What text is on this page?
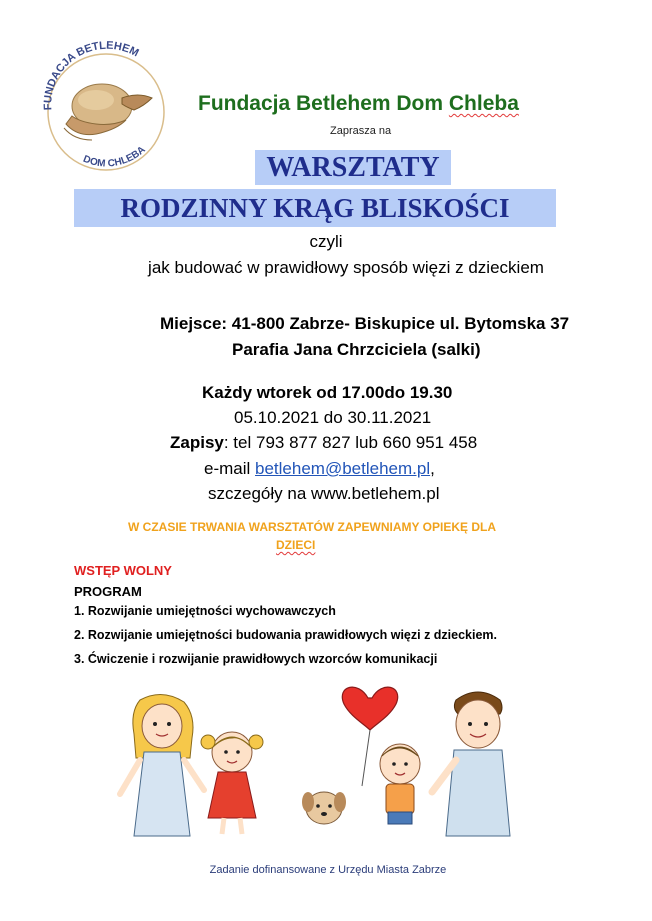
FUNDACJA BETLEHEM
DOM CHLEBA
Fundacja Betlehem Dom Chleba
Zaprasza na
WARSZTATY
RODZINNY KRĄG BLISKOŚCI
czyli
jak budować w prawidłowy sposób więzi z dzieckiem
Miejsce: 41-800 Zabrze- Biskupice ul. Bytomska 37
Parafia Jana Chrzciciela (salki)
Każdy wtorek od 17.00do 19.30
05.10.2021 do 30.11.2021
Zapisy: tel 793 877 827 lub 660 951 458
e-mail betlehem@betlehem.pl,
szczegóły na www.betlehem.pl
W CZASIE TRWANIA WARSZTATÓW ZAPEWNIAMY OPIEKĘ DLA
DZIECI
WSTĘP WOLNY
PROGRAM
1. Rozwijanie umiejętności wychowawczych
2. Rozwijanie umiejętności budowania prawidłowych więzi z dzieckiem.
3. Ćwiczenie i rozwijanie prawidłowych wzorców komunikacji
Zadanie dofinansowane z Urzędu Miasta Zabrze
